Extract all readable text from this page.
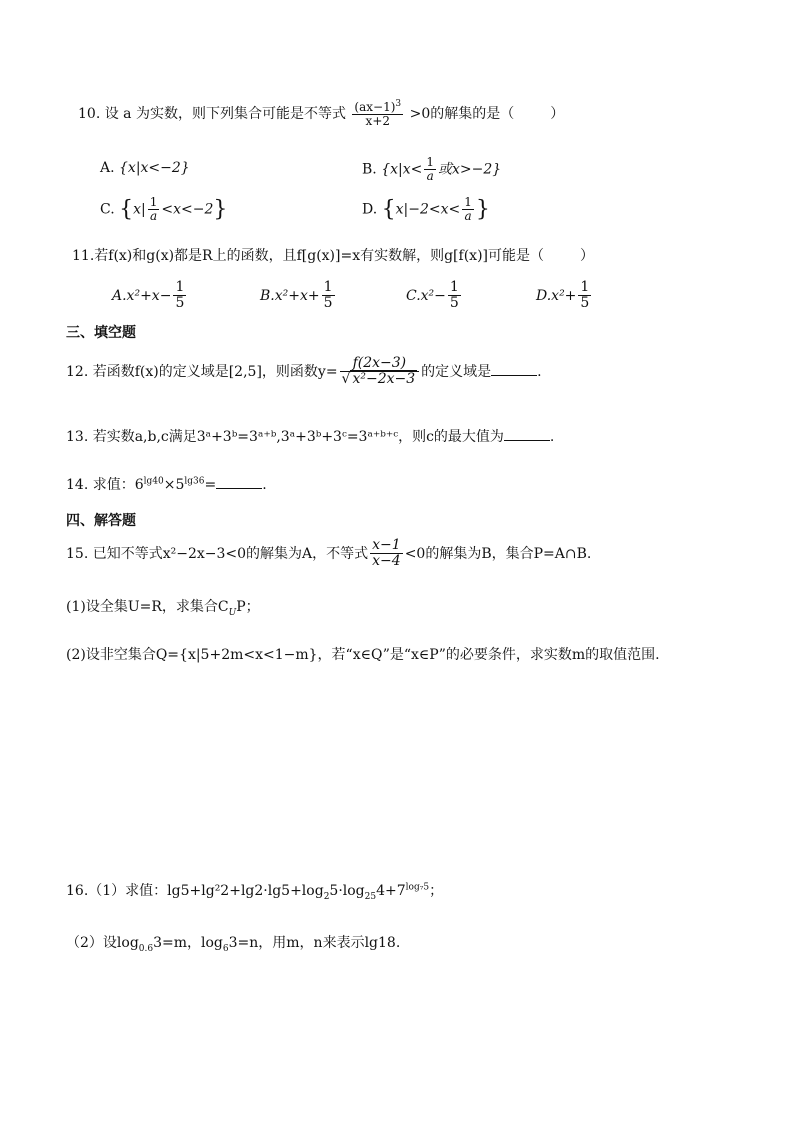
10. 设 a 为实数，则下列集合可能是不等式 $\frac{(ax-1)^3}{x+2} >0$的解集的是（	）
A. {x|x<−2}	B. {$x|x< \frac{1}{a}$ 或x>−2}
C. $\{x| \frac{1}{a} <x<-2\}$	D. {$x|-2<x< \frac{1}{a}$ }
11.若f(x)和g(x)都是R上的函数，且f[g(x)]=x有实数解，则g[f(x)]可能是（	）
$A.x^2+x- \frac{1}{5}$	$B.x^2+x+ \frac{1}{5}$	$C.x^2- \frac{1}{5}$	$D.x^2+ \frac{1}{5}$
三、填空题
12. 若函数f(x)的定义域是[2,5]，则函数$y= \frac{f(2x-3)}{\text{√ x²−2x−3}}$ 的定义域是	.
13. 若实数a,b,c满足3ᵃ+3ᵇ=3ᵃ⁺ᵇ,3ᵃ+3ᵇ+3ᶜ=3ᵃ⁺ᵇ⁺ᶜ，则c的最大值为	.
14. 求值：$6^{lg40}\times 5^{lg36}=$	.
四、解答题
15. 已知不等式x²−2x−3<0的解集为A，不等式 $\frac{x-1}{x-4} <0$的解集为B，集合P=A∩B.
(1)设全集U=R，求集合$C_UP$；
(2)设非空集合Q={x|5+2m<x<1−m}，若“x∈Q”是“x∈P”的必要条件，求实数m的取值范围.
16.（1）求值：$\lg 5+\lg^22+\lg 2\cdot\lg 5+\log_25\cdot\log_{25}4+7^{log_75}$；
（2）设$\log_{0.6}3=m$，$\log_63=n$，用m，n来表示lg18.
